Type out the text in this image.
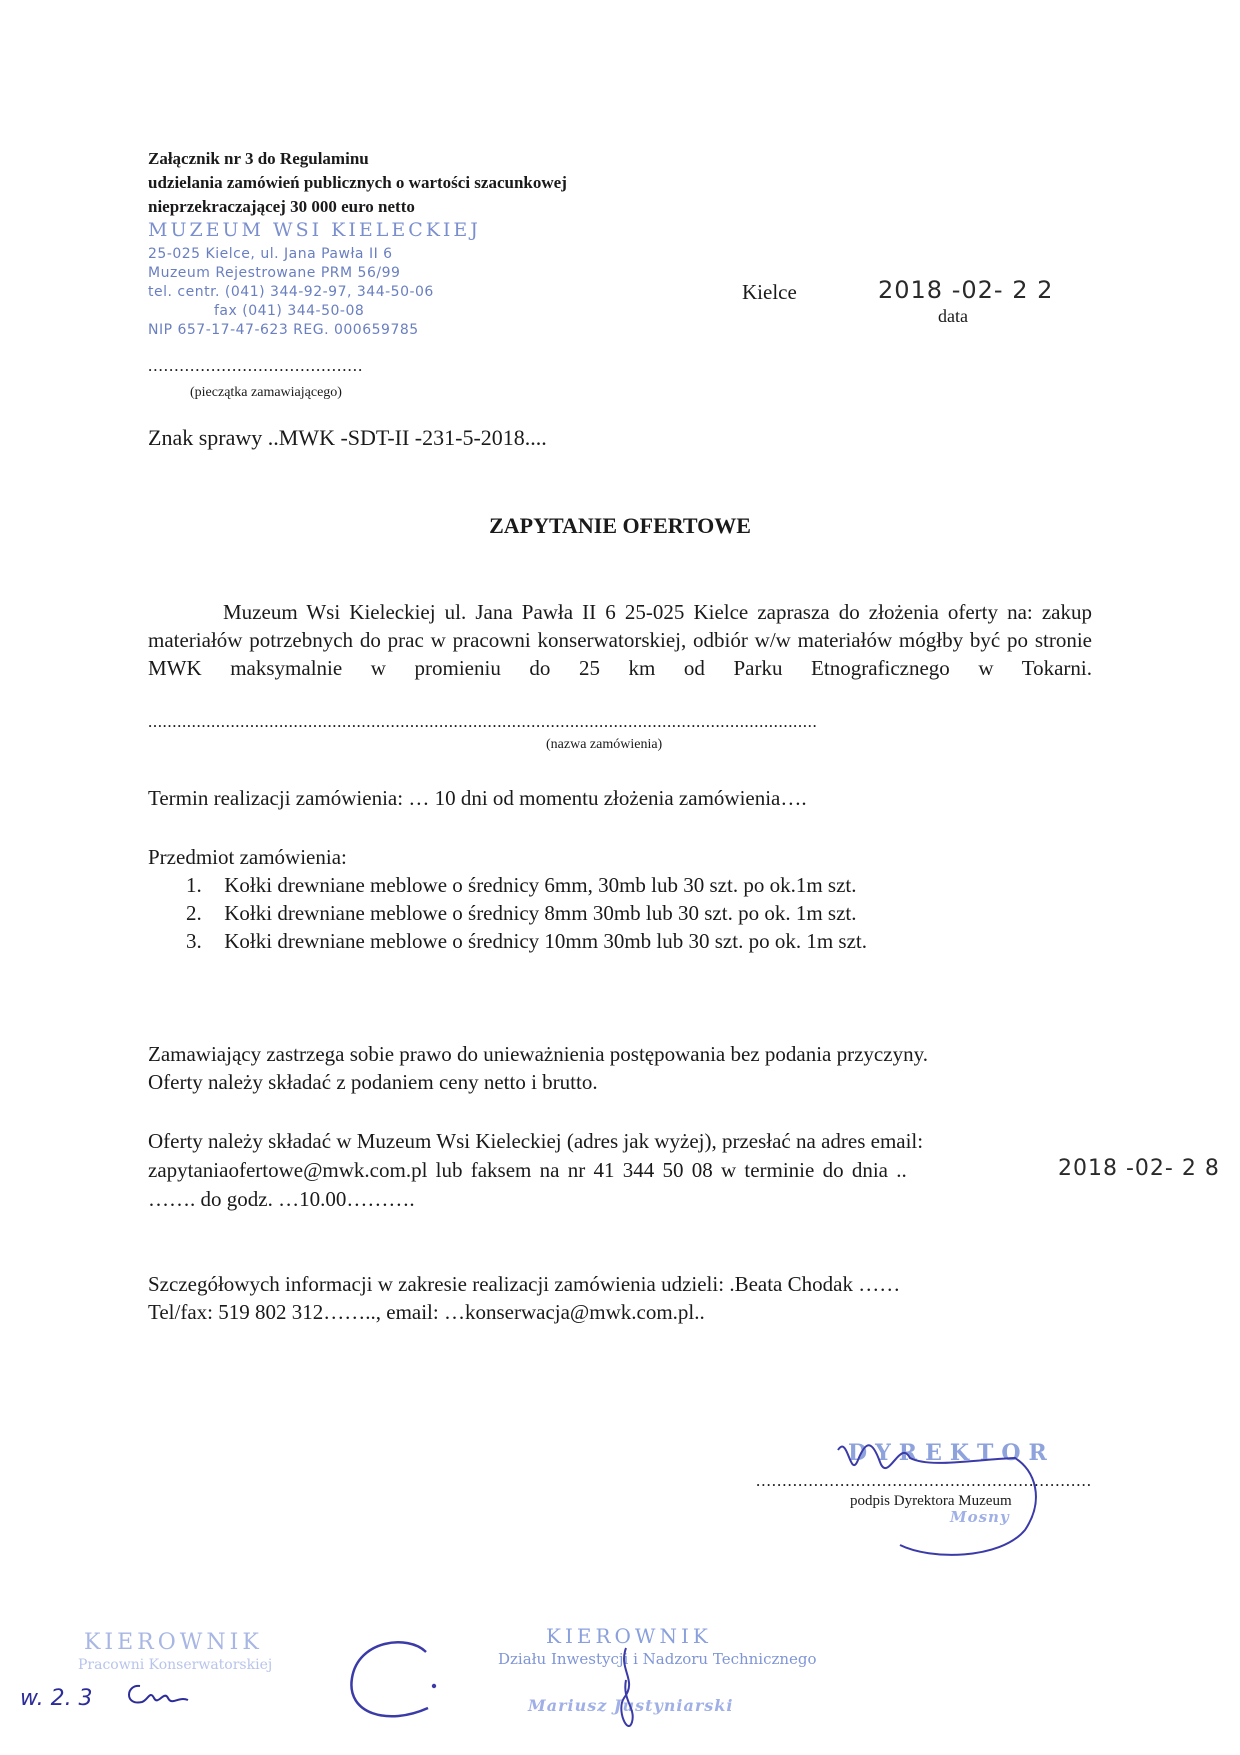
Załącznik nr 3 do Regulaminu
udzielania zamówień publicznych o wartości szacunkowej
nieprzekraczającej 30 000 euro netto
MUZEUM WSI KIELECKIEJ
25-025 Kielce, ul. Jana Pawła II 6
Muzeum Rejestrowane PRM 56/99
tel. centr. (041) 344-92-97, 344-50-06
fax (041) 344-50-08
NIP 657-17-47-623 REG. 000659785
.........................................
(pieczątka zamawiającego)
Kielce	2018 -02- 2 2
data
Znak sprawy ..MWK -SDT-II -231-5-2018....
ZAPYTANIE OFERTOWE
Muzeum Wsi Kieleckiej ul. Jana Pawła II 6 25-025 Kielce zaprasza do złożenia oferty na: zakup materiałów potrzebnych do prac w pracowni konserwatorskiej, odbiór w/w materiałów mógłby być po stronie MWK maksymalnie w promieniu do 25 km od Parku Etnograficznego w Tokarni.
..........................................................................................................................................
(nazwa zamówienia)
Termin realizacji zamówienia: … 10 dni od momentu złożenia zamówienia….
Przedmiot zamówienia:
1. Kołki drewniane meblowe o średnicy 6mm, 30mb lub 30 szt. po ok.1m szt.
2. Kołki drewniane meblowe o średnicy 8mm 30mb lub 30 szt. po ok. 1m szt.
3. Kołki drewniane meblowe o średnicy 10mm 30mb lub 30 szt. po ok. 1m szt.
Zamawiający zastrzega sobie prawo do unieważnienia postępowania bez podania przyczyny.
Oferty należy składać z podaniem ceny netto i brutto.
Oferty należy składać w Muzeum Wsi Kieleckiej (adres jak wyżej), przesłać na adres email:
zapytaniaofertowe@mwk.com.pl lub faksem na nr 41 344 50 08 w terminie do dnia ..	2018 -02- 2 8
……. do godz. …10.00……….
Szczegółowych informacji w zakresie realizacji zamówienia udzieli: .Beata Chodak ……
Tel/fax: 519 802 312…….., email: …konserwacja@mwk.com.pl..
DYREKTOR
................................................................
podpis Dyrektora Muzeum
Mosny
KIEROWNIK
Pracowni Konserwatorskiej
w. 2. 3
KIEROWNIK
Działu Inwestycji i Nadzoru Technicznego
Mariusz Justyniarski
